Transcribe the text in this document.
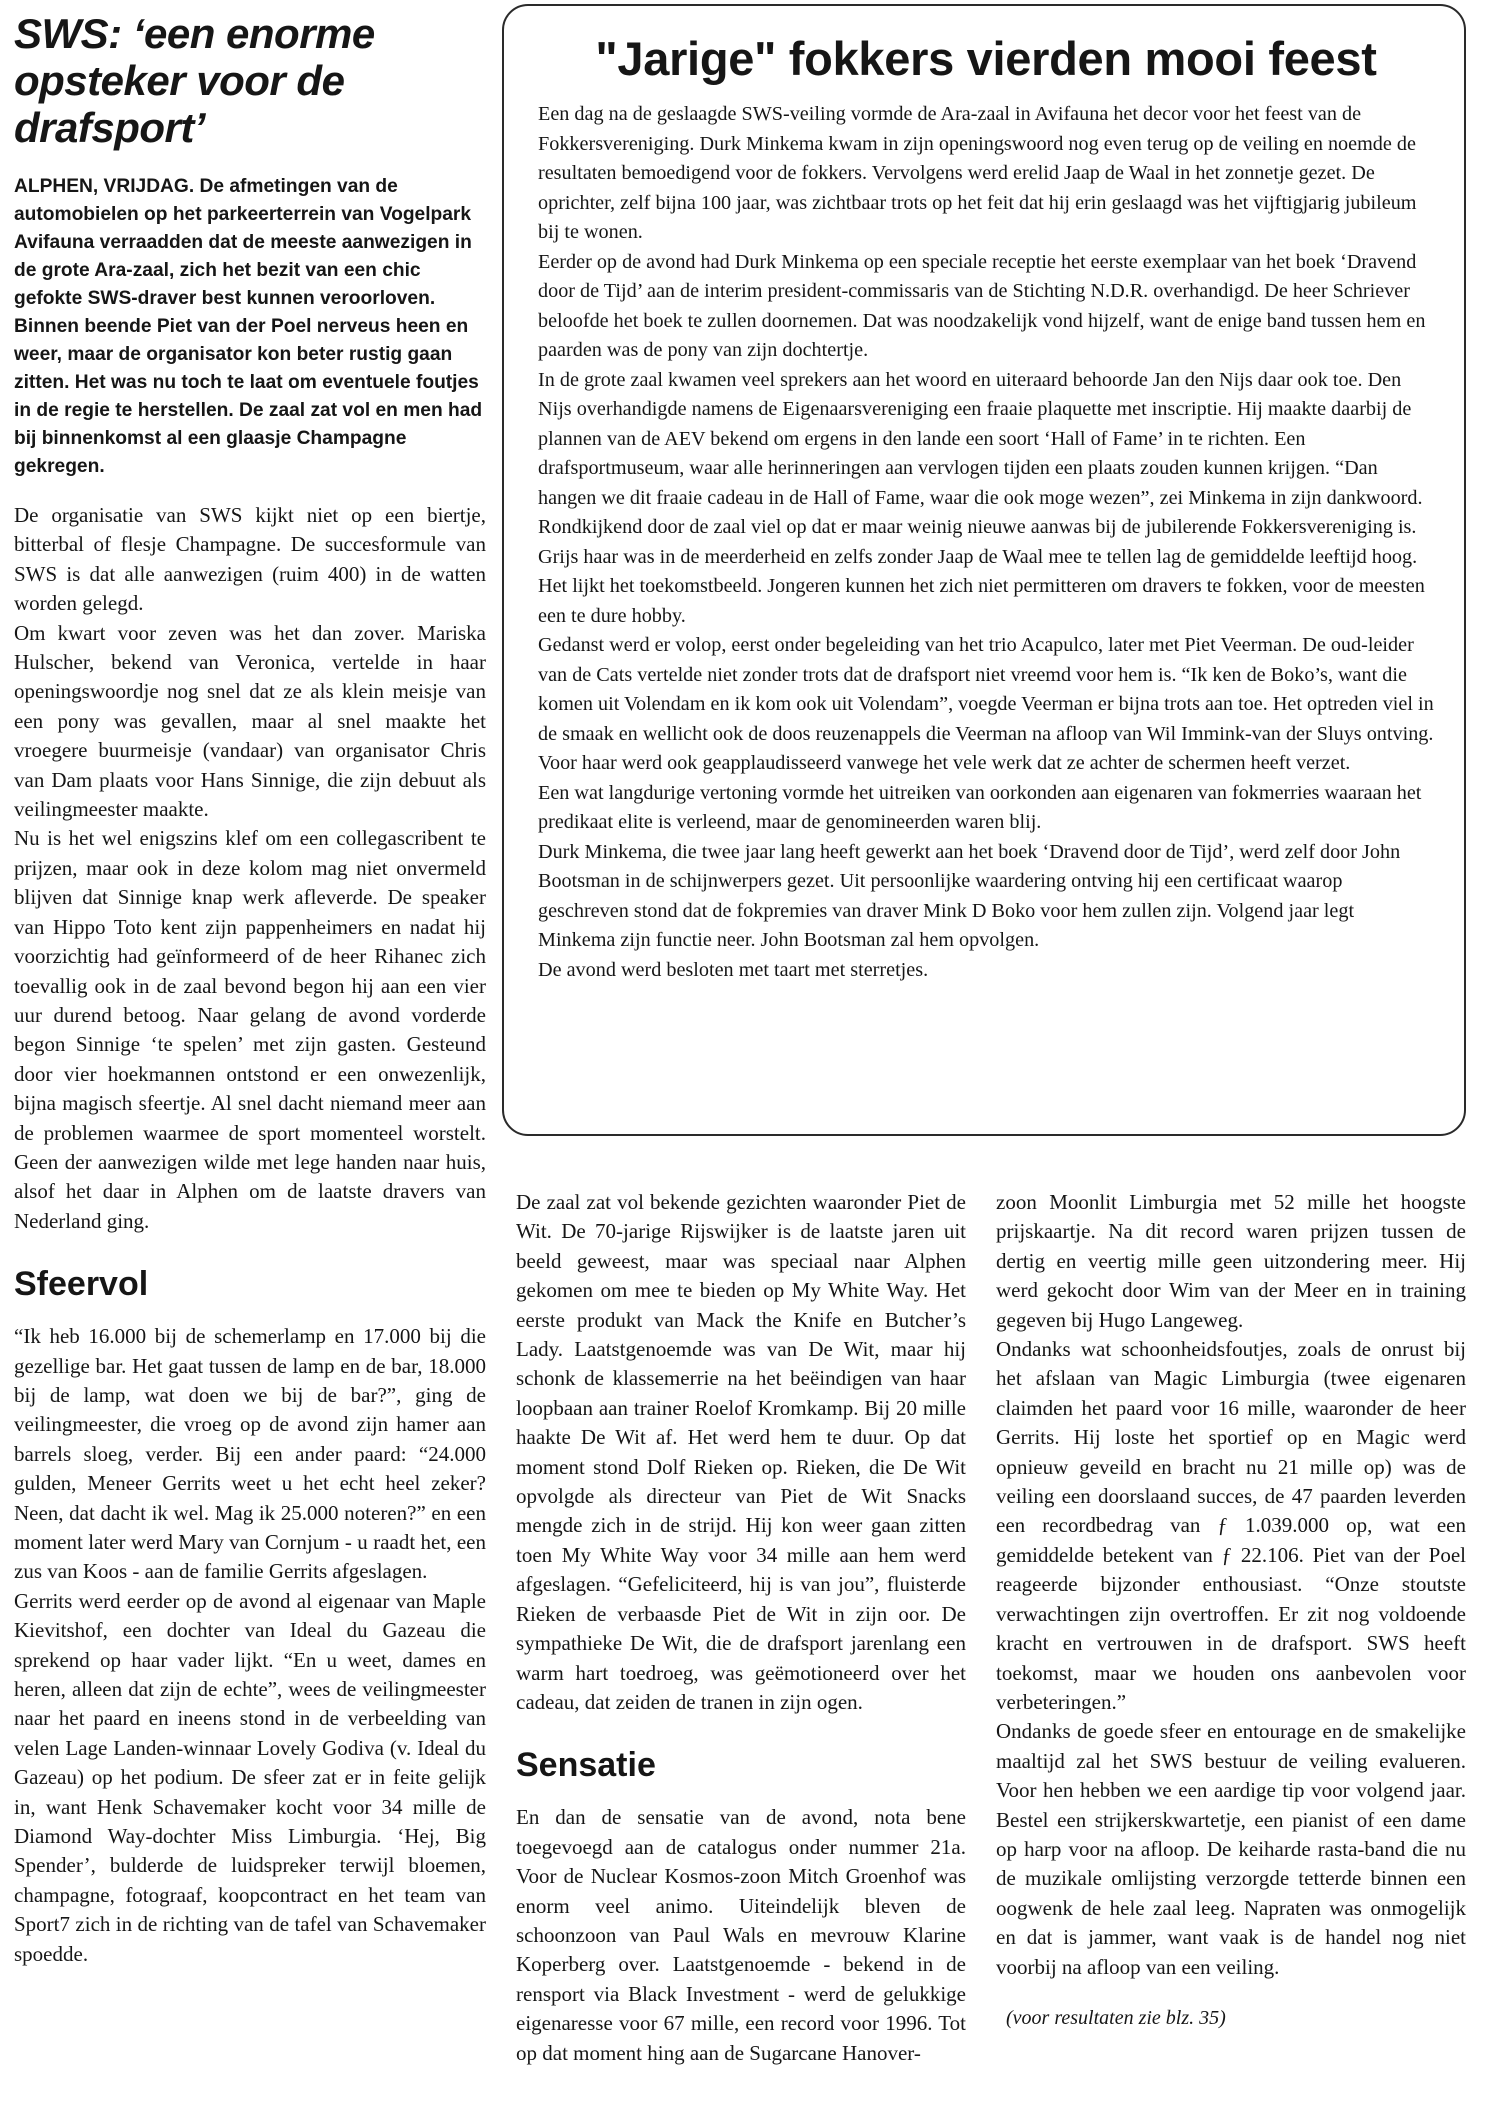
SWS: ‘een enorme opsteker voor de drafsport’

ALPHEN, VRIJDAG. De afmetingen van de automobielen op het parkeerterrein van Vogelpark Avifauna verraadden dat de meeste aanwezigen in de grote Ara-zaal, zich het bezit van een chic gefokte SWS-draver best kunnen veroorloven.

Binnen beende Piet van der Poel nerveus heen en weer, maar de organisator kon beter rustig gaan zitten. Het was nu toch te laat om eventuele foutjes in de regie te herstellen. De zaal zat vol en men had bij binnenkomst al een glaasje Champagne gekregen.

De organisatie van SWS kijkt niet op een biertje, bitterbal of flesje Champagne. De succesformule van SWS is dat alle aanwezigen (ruim 400) in de watten worden gelegd.

Om kwart voor zeven was het dan zover. Mariska Hulscher, bekend van Veronica, vertelde in haar openingswoordje nog snel dat ze als klein meisje van een pony was gevallen, maar al snel maakte het vroegere buurmeisje (vandaar) van organisator Chris van Dam plaats voor Hans Sinnige, die zijn debuut als veilingmeester maakte.

Nu is het wel enigszins klef om een collegascribent te prijzen, maar ook in deze kolom mag niet onvermeld blijven dat Sinnige knap werk afleverde. De speaker van Hippo Toto kent zijn pappenheimers en nadat hij voorzichtig had geïnformeerd of de heer Rihanec zich toevallig ook in de zaal bevond begon hij aan een vier uur durend betoog. Naar gelang de avond vorderde begon Sinnige ‘te spelen’ met zijn gasten. Gesteund door vier hoekmannen ontstond er een onwezenlijk, bijna magisch sfeertje. Al snel dacht niemand meer aan de problemen waarmee de sport momenteel worstelt. Geen der aanwezigen wilde met lege handen naar huis, alsof het daar in Alphen om de laatste dravers van Nederland ging.

Sfeervol

“Ik heb 16.000 bij de schemerlamp en 17.000 bij die gezellige bar. Het gaat tussen de lamp en de bar, 18.000 bij de lamp, wat doen we bij de bar?”, ging de veilingmeester, die vroeg op de avond zijn hamer aan barrels sloeg, verder. Bij een ander paard: “24.000 gulden, Meneer Gerrits weet u het echt heel zeker? Neen, dat dacht ik wel. Mag ik 25.000 noteren?” en een moment later werd Mary van Cornjum - u raadt het, een zus van Koos - aan de familie Gerrits afgeslagen.

Gerrits werd eerder op de avond al eigenaar van Maple Kievitshof, een dochter van Ideal du Gazeau die sprekend op haar vader lijkt. “En u weet, dames en heren, alleen dat zijn de echte”, wees de veilingmeester naar het paard en ineens stond in de verbeelding van velen Lage Landen-winnaar Lovely Godiva (v. Ideal du Gazeau) op het podium. De sfeer zat er in feite gelijk in, want Henk Schavemaker kocht voor 34 mille de Diamond Way-dochter Miss Limburgia. ‘Hej, Big Spender’, bulderde de luidspreker terwijl bloemen, champagne, fotograaf, koopcontract en het team van Sport7 zich in de richting van de tafel van Schavemaker spoedde.

"Jarige" fokkers vierden mooi feest

Een dag na de geslaagde SWS-veiling vormde de Ara-zaal in Avifauna het decor voor het feest van de Fokkersvereniging. Durk Minkema kwam in zijn openingswoord nog even terug op de veiling en noemde de resultaten bemoedigend voor de fokkers. Vervolgens werd erelid Jaap de Waal in het zonnetje gezet. De oprichter, zelf bijna 100 jaar, was zichtbaar trots op het feit dat hij erin geslaagd was het vijftigjarig jubileum bij te wonen.

Eerder op de avond had Durk Minkema op een speciale receptie het eerste exemplaar van het boek ‘Dravend door de Tijd’ aan de interim president-commissaris van de Stichting N.D.R. overhandigd. De heer Schriever beloofde het boek te zullen doornemen. Dat was noodzakelijk vond hijzelf, want de enige band tussen hem en paarden was de pony van zijn dochtertje.

In de grote zaal kwamen veel sprekers aan het woord en uiteraard behoorde Jan den Nijs daar ook toe. Den Nijs overhandigde namens de Eigenaarsvereniging een fraaie plaquette met inscriptie. Hij maakte daarbij de plannen van de AEV bekend om ergens in den lande een soort ‘Hall of Fame’ in te richten. Een drafsportmuseum, waar alle herinneringen aan vervlogen tijden een plaats zouden kunnen krijgen. “Dan hangen we dit fraaie cadeau in de Hall of Fame, waar die ook moge wezen”, zei Minkema in zijn dankwoord.

Rondkijkend door de zaal viel op dat er maar weinig nieuwe aanwas bij de jubilerende Fokkersvereniging is. Grijs haar was in de meerderheid en zelfs zonder Jaap de Waal mee te tellen lag de gemiddelde leeftijd hoog. Het lijkt het toekomstbeeld. Jongeren kunnen het zich niet permitteren om dravers te fokken, voor de meesten een te dure hobby.

Gedanst werd er volop, eerst onder begeleiding van het trio Acapulco, later met Piet Veerman. De oud-leider van de Cats vertelde niet zonder trots dat de drafsport niet vreemd voor hem is. “Ik ken de Boko’s, want die komen uit Volendam en ik kom ook uit Volendam”, voegde Veerman er bijna trots aan toe. Het optreden viel in de smaak en wellicht ook de doos reuzenappels die Veerman na afloop van Wil Immink-van der Sluys ontving. Voor haar werd ook geapplaudisseerd vanwege het vele werk dat ze achter de schermen heeft verzet.

Een wat langdurige vertoning vormde het uitreiken van oorkonden aan eigenaren van fokmerries waaraan het predikaat elite is verleend, maar de genomineerden waren blij.

Durk Minkema, die twee jaar lang heeft gewerkt aan het boek ‘Dravend door de Tijd’, werd zelf door John Bootsman in de schijnwerpers gezet. Uit persoonlijke waardering ontving hij een certificaat waarop geschreven stond dat de fokpremies van draver Mink D Boko voor hem zullen zijn. Volgend jaar legt Minkema zijn functie neer. John Bootsman zal hem opvolgen.

De avond werd besloten met taart met sterretjes.

De zaal zat vol bekende gezichten waaronder Piet de Wit. De 70-jarige Rijswijker is de laatste jaren uit beeld geweest, maar was speciaal naar Alphen gekomen om mee te bieden op My White Way. Het eerste produkt van Mack the Knife en Butcher’s Lady. Laatstgenoemde was van De Wit, maar hij schonk de klassemerrie na het beëindigen van haar loopbaan aan trainer Roelof Kromkamp. Bij 20 mille haakte De Wit af. Het werd hem te duur. Op dat moment stond Dolf Rieken op. Rieken, die De Wit opvolgde als directeur van Piet de Wit Snacks mengde zich in de strijd. Hij kon weer gaan zitten toen My White Way voor 34 mille aan hem werd afgeslagen. “Gefeliciteerd, hij is van jou”, fluisterde Rieken de verbaasde Piet de Wit in zijn oor. De sympathieke De Wit, die de drafsport jarenlang een warm hart toedroeg, was geëmotioneerd over het cadeau, dat zeiden de tranen in zijn ogen.

Sensatie

En dan de sensatie van de avond, nota bene toegevoegd aan de catalogus onder nummer 21a. Voor de Nuclear Kosmos-zoon Mitch Groenhof was enorm veel animo. Uiteindelijk bleven de schoonzoon van Paul Wals en mevrouw Klarine Koperberg over. Laatstgenoemde - bekend in de rensport via Black Investment - werd de gelukkige eigenaresse voor 67 mille, een record voor 1996. Tot op dat moment hing aan de Sugarcane Hanover-

zoon Moonlit Limburgia met 52 mille het hoogste prijskaartje. Na dit record waren prijzen tussen de dertig en veertig mille geen uitzondering meer. Hij werd gekocht door Wim van der Meer en in training gegeven bij Hugo Langeweg.

Ondanks wat schoonheidsfoutjes, zoals de onrust bij het afslaan van Magic Limburgia (twee eigenaren claimden het paard voor 16 mille, waaronder de heer Gerrits. Hij loste het sportief op en Magic werd opnieuw geveild en bracht nu 21 mille op) was de veiling een doorslaand succes, de 47 paarden leverden een recordbedrag van ƒ 1.039.000 op, wat een gemiddelde betekent van ƒ 22.106. Piet van der Poel reageerde bijzonder enthousiast. “Onze stoutste verwachtingen zijn overtroffen. Er zit nog voldoende kracht en vertrouwen in de drafsport. SWS heeft toekomst, maar we houden ons aanbevolen voor verbeteringen.”

Ondanks de goede sfeer en entourage en de smakelijke maaltijd zal het SWS bestuur de veiling evalueren. Voor hen hebben we een aardige tip voor volgend jaar. Bestel een strijkerskwartetje, een pianist of een dame op harp voor na afloop. De keiharde rasta-band die nu de muzikale omlijsting verzorgde tetterde binnen een oogwenk de hele zaal leeg. Napraten was onmogelijk en dat is jammer, want vaak is de handel nog niet voorbij na afloop van een veiling.

(voor resultaten zie blz. 35)
